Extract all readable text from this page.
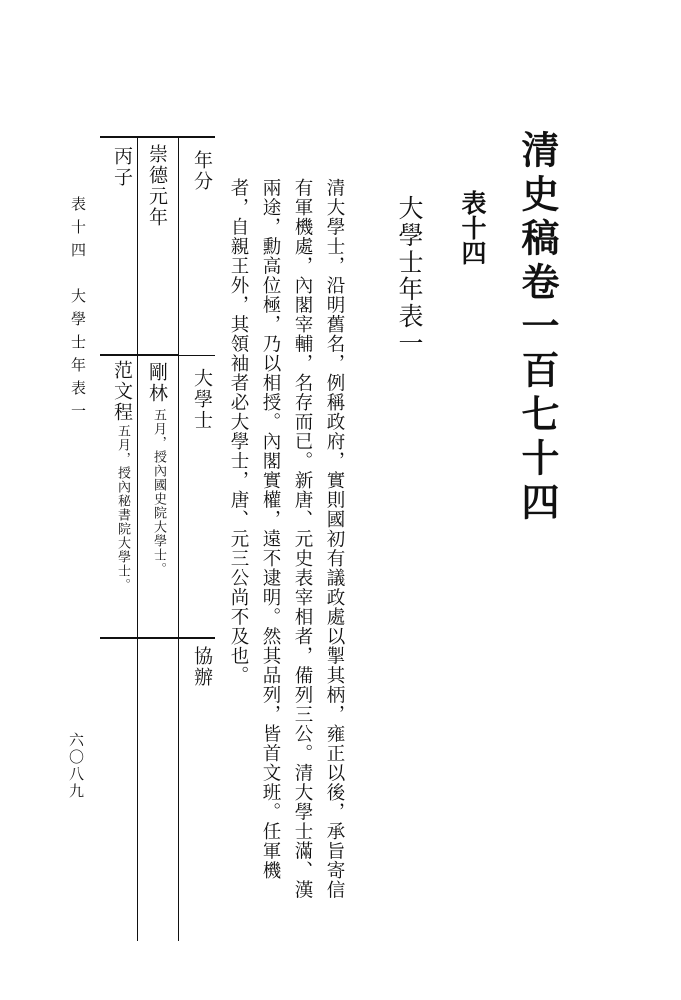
清史稿卷一百七十四
表十四
大學士年表一

清大學士，沿明舊名，例稱政府，實則國初有議政處以掣其柄，雍正以後，承旨寄信有軍機處，內閣宰輔，名存而已。新唐、元史表宰相者，備列三公。清大學士滿、漢兩途，勳高位極，乃以相授。內閣實權，遠不逮明。然其品列，皆首文班。任軍機者，自親王外，其領袖者必大學士，唐、元三公尚不及也。

年分
大學士
協辦
崇德元年
丙子
剛林
五月，授內國史院大學士。
范文程
五月，授內秘書院大學士。
表十四　大學士年表一
六〇八九
